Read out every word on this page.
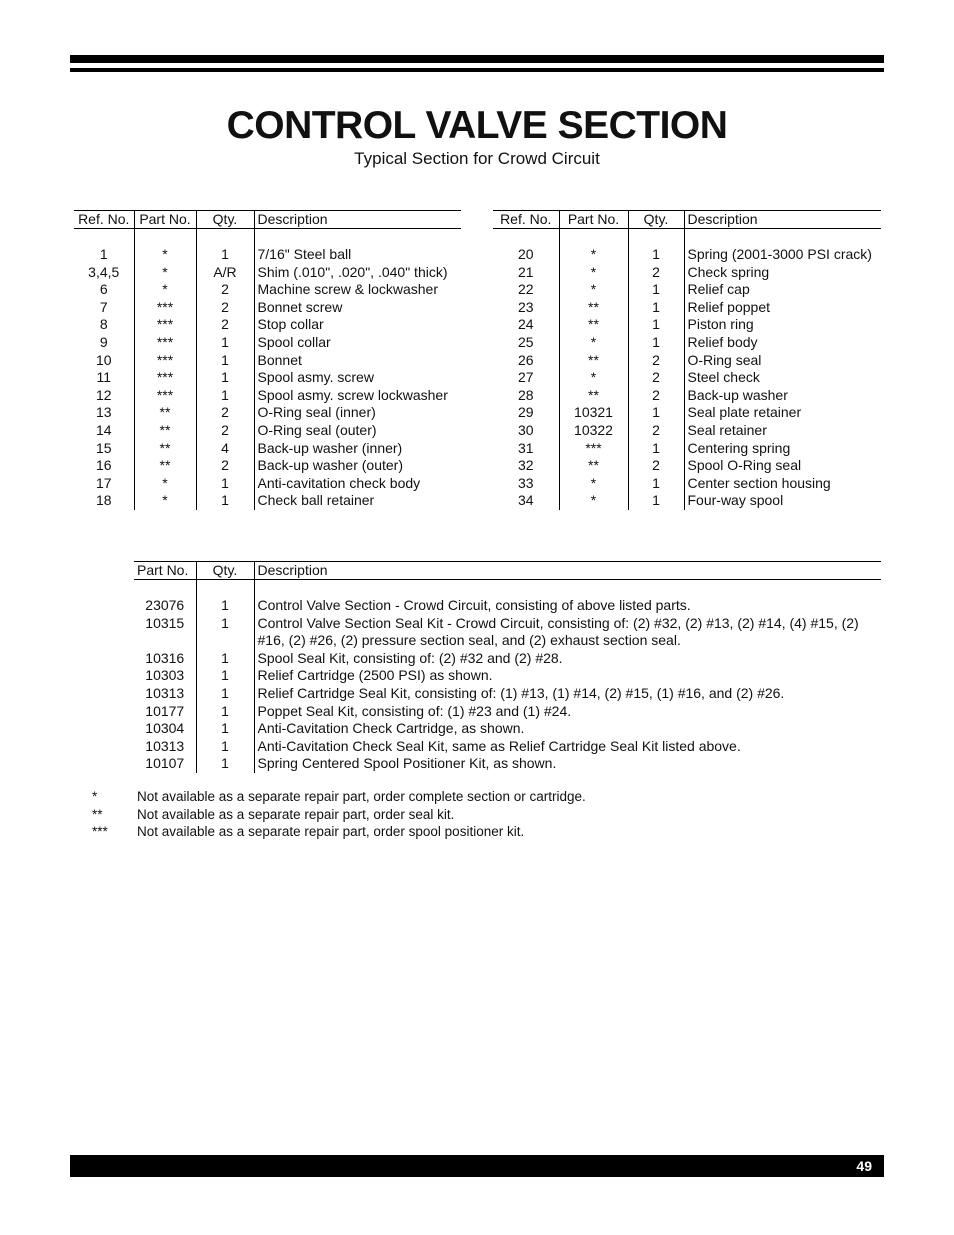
CONTROL VALVE SECTION
Typical Section for Crowd Circuit
Ref. No.	Part No.	Qty.	Description

1	*	1	7/16" Steel ball
3,4,5	*	A/R	Shim (.010", .020", .040" thick)
6	*	2	Machine screw & lockwasher
7	***	2	Bonnet screw
8	***	2	Stop collar
9	***	1	Spool collar
10	***	1	Bonnet
11	***	1	Spool asmy. screw
12	***	1	Spool asmy. screw lockwasher
13	**	2	O-Ring seal (inner)
14	**	2	O-Ring seal (outer)
15	**	4	Back-up washer (inner)
16	**	2	Back-up washer (outer)
17	*	1	Anti-cavitation check body
18	*	1	Check ball retainer
Ref. No.	Part No.	Qty.	Description

20	*	1	Spring (2001-3000 PSI crack)
21	*	2	Check spring
22	*	1	Relief cap
23	**	1	Relief poppet
24	**	1	Piston ring
25	*	1	Relief body
26	**	2	O-Ring seal
27	*	2	Steel check
28	**	2	Back-up washer
29	10321	1	Seal plate retainer
30	10322	2	Seal retainer
31	***	1	Centering spring
32	**	2	Spool O-Ring seal
33	*	1	Center section housing
34	*	1	Four-way spool
Part No.	Qty.	Description

23076	1	Control Valve Section - Crowd Circuit, consisting of above listed parts.
10315	1	Control Valve Section Seal Kit - Crowd Circuit, consisting of: (2) #32, (2) #13, (2) #14, (4) #15, (2) #16, (2) #26, (2) pressure section seal, and (2) exhaust section seal.
10316	1	Spool Seal Kit, consisting of: (2) #32 and (2) #28.
10303	1	Relief Cartridge (2500 PSI) as shown.
10313	1	Relief Cartridge Seal Kit, consisting of: (1) #13, (1) #14, (2) #15, (1) #16, and (2) #26.
10177	1	Poppet Seal Kit, consisting of: (1) #23 and (1) #24.
10304	1	Anti-Cavitation Check Cartridge, as shown.
10313	1	Anti-Cavitation Check Seal Kit, same as Relief Cartridge Seal Kit listed above.
10107	1	Spring Centered Spool Positioner Kit, as shown.
*	Not available as a separate repair part, order complete section or cartridge.
**	Not available as a separate repair part, order seal kit.
***	Not available as a separate repair part, order spool positioner kit.
49
